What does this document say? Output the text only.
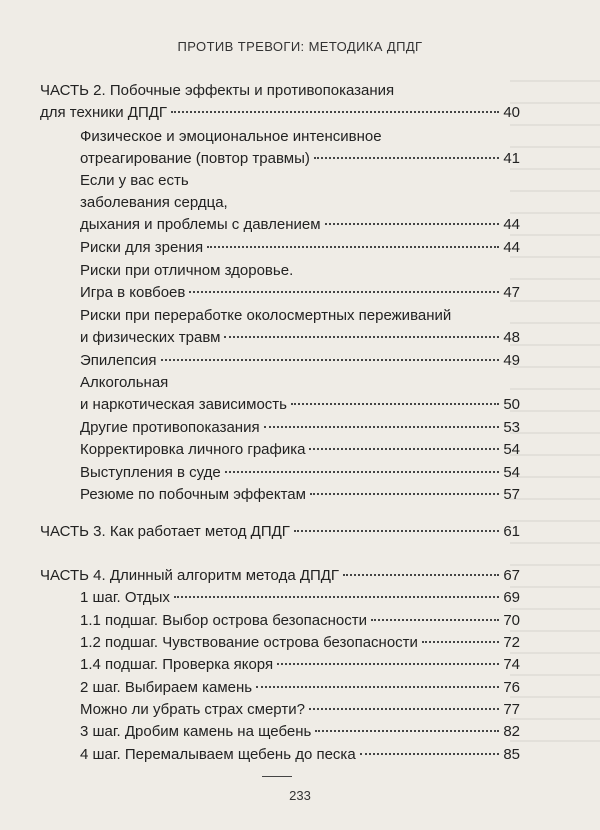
ПРОТИВ ТРЕВОГИ: МЕТОДИКА ДПДГ
ЧАСТЬ 2. Побочные эффекты и противопоказания
для техники ДПДГ	40
Физическое и эмоциональное интенсивное
отреагирование (повтор травмы)	41
Если у вас есть
заболевания сердца,
дыхания и проблемы с давлением	44
Риски для зрения	44
Риски при отличном здоровье.
Игра в ковбоев	47
Риски при переработке околосмертных переживаний
и физических травм	48
Эпилепсия	49
Алкогольная
и наркотическая зависимость	50
Другие противопоказания	53
Корректировка личного графика	54
Выступления в суде	54
Резюме по побочным эффектам	57
ЧАСТЬ 3. Как работает метод ДПДГ	61
ЧАСТЬ 4. Длинный алгоритм метода ДПДГ	67
1 шаг. Отдых	69
1.1 подшаг. Выбор острова безопасности	70
1.2 подшаг. Чувствование острова безопасности	72
1.4 подшаг. Проверка якоря	74
2 шаг. Выбираем камень	76
Можно ли убрать страх смерти?	77
3 шаг. Дробим камень на щебень	82
4 шаг. Перемалываем щебень до песка	85
233
